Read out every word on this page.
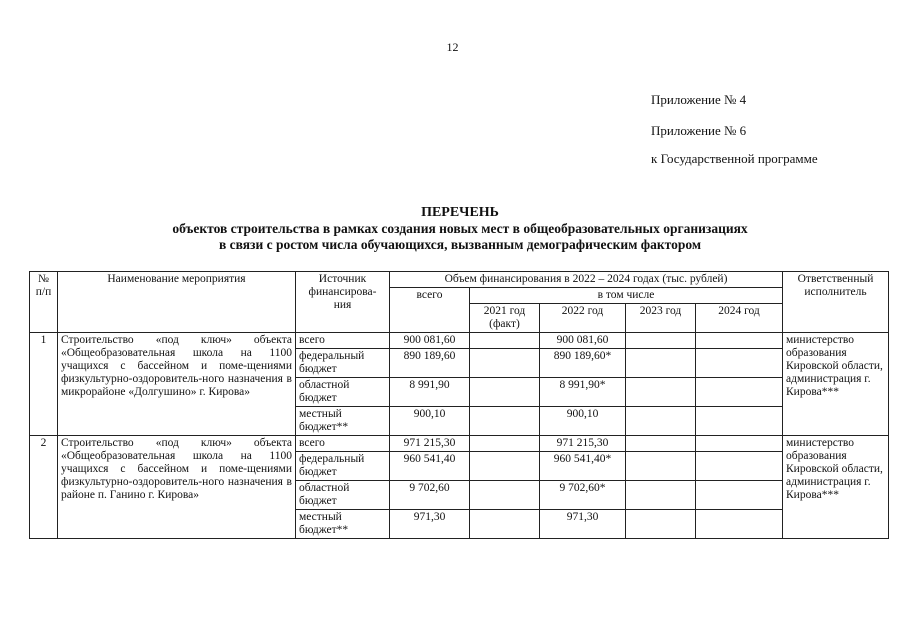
12
Приложение № 4
Приложение № 6
к Государственной программе
ПЕРЕЧЕНЬ
объектов строительства в рамках создания новых мест в общеобразовательных организациях
в связи с ростом числа обучающихся, вызванным демографическим фактором
№ п/п	Наименование мероприятия	Источник финансирова- ния	Объем финансирования в 2022 – 2024 годах (тыс. рублей)					Ответственный исполнитель
			всего	в том числе				
				2021 год (факт)	2022 год	2023 год	2024 год	
1	Строительство «под ключ» объекта «Общеобразовательная школа на 1100 учащихся с бассейном и поме-щениями физкультурно-оздоровитель-ного назначения в микрорайоне «Долгушино» г. Кирова»	всего	900 081,60		900 081,60			министерство образования Кировской области, администрация г. Кирова***
		федеральный бюджет	890 189,60		890 189,60*			
		областной бюджет	8 991,90		8 991,90*			
		местный бюджет**	900,10		900,10			
2	Строительство «под ключ» объекта «Общеобразовательная школа на 1100 учащихся с бассейном и поме-щениями физкультурно-оздоровитель-ного назначения в районе п. Ганино г. Кирова»	всего	971 215,30		971 215,30			министерство образования Кировской области, администрация г. Кирова***
		федеральный бюджет	960 541,40		960 541,40*			
		областной бюджет	9 702,60		9 702,60*			
		местный бюджет**	971,30		971,30			
